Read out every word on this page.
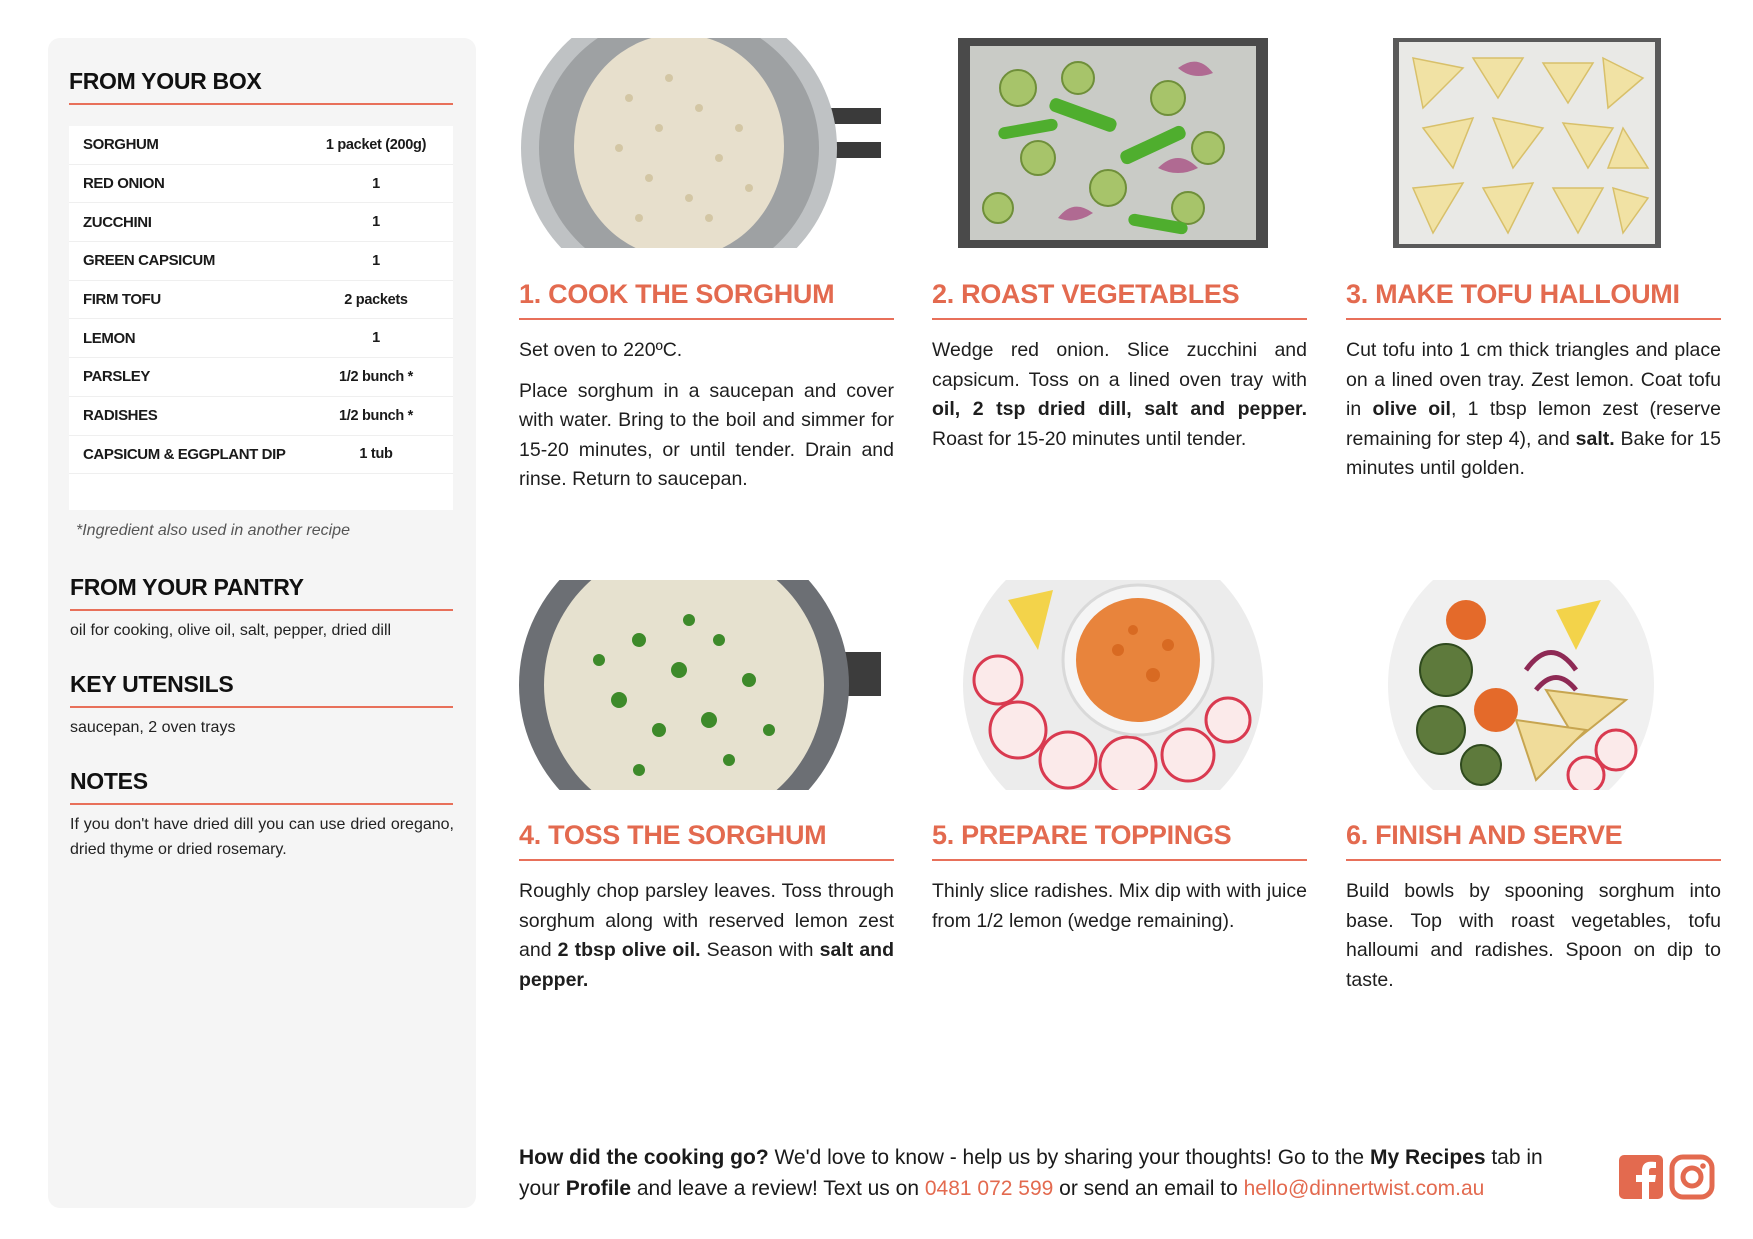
FROM YOUR BOX
SORGHUM	1 packet (200g)
RED ONION	1
ZUCCHINI	1
GREEN CAPSICUM	1
FIRM TOFU	2 packets
LEMON	1
PARSLEY	1/2 bunch *
RADISHES	1/2 bunch *
CAPSICUM & EGGPLANT DIP	1 tub
*Ingredient also used in another recipe
FROM YOUR PANTRY
oil for cooking, olive oil, salt, pepper, dried dill
KEY UTENSILS
saucepan, 2 oven trays
NOTES
If you don't have dried dill you can use dried oregano, dried thyme or dried rosemary.
1. COOK THE SORGHUM

Set oven to 220ºC.

Place sorghum in a saucepan and cover with water. Bring to the boil and simmer for 15-20 minutes, or until tender. Drain and rinse. Return to saucepan.

2. ROAST VEGETABLES

Wedge red onion. Slice zucchini and capsicum. Toss on a lined oven tray with oil, 2 tsp dried dill, salt and pepper. Roast for 15-20 minutes until tender.

3. MAKE TOFU HALLOUMI

Cut tofu into 1 cm thick triangles and place on a lined oven tray. Zest lemon. Coat tofu in olive oil, 1 tbsp lemon zest (reserve remaining for step 4), and salt. Bake for 15 minutes until golden.

4. TOSS THE SORGHUM

Roughly chop parsley leaves. Toss through sorghum along with reserved lemon zest and 2 tbsp olive oil. Season with salt and pepper.

5. PREPARE TOPPINGS

Thinly slice radishes. Mix dip with with juice from 1/2 lemon (wedge remaining).

6. FINISH AND SERVE

Build bowls by spooning sorghum into base. Top with roast vegetables, tofu halloumi and radishes. Spoon on dip to taste.

How did the cooking go? We'd love to know - help us by sharing your thoughts! Go to the My Recipes tab in your Profile and leave a review! Text us on 0481 072 599 or send an email to hello@dinnertwist.com.au
